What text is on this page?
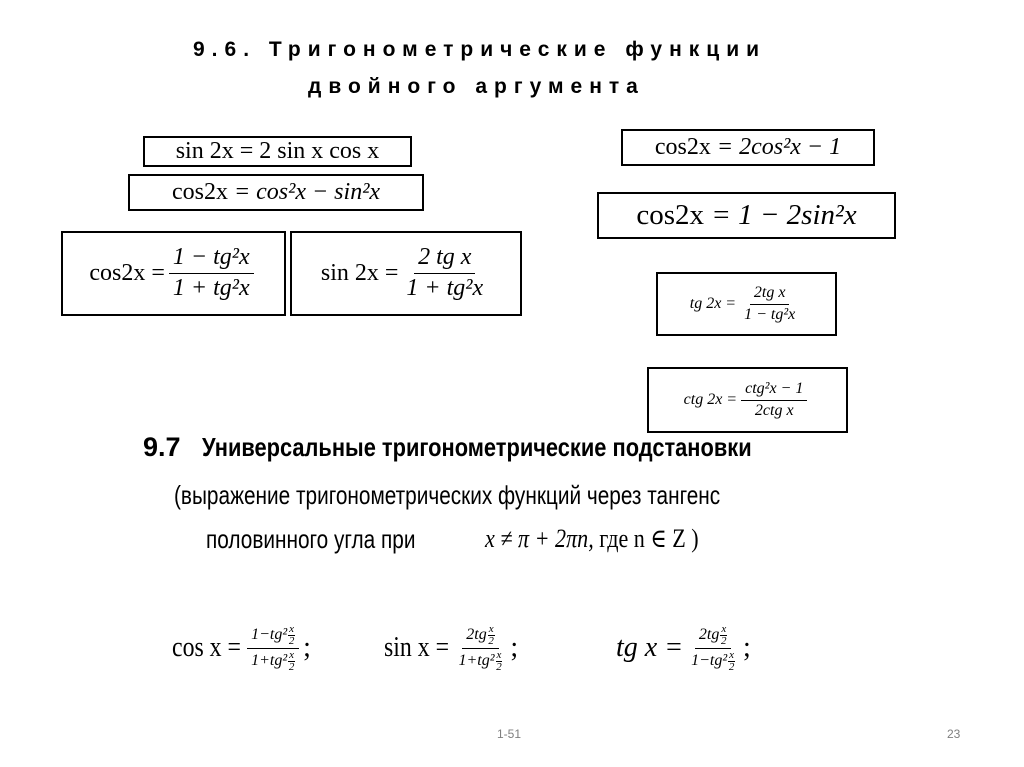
9.6. Тригонометрические функции
двойного аргумента
sin 2x
= 2 sin x cos x
cos2x
= cos²x − sin²x
$\cos 2x = \frac{\text{1 − tg²x}}{\text{1 + tg²x}}$	$\sin 2x = \frac{\text{2 tg x}}{\text{1 + tg²x}}$
cos2x
= 2cos²x − 1
cos2x
= 1 − 2sin²x
tg $2x = \frac{\text{2tg x}}{\text{1 − tg²x}}$
ctg $2x = \frac{\text{ctg²x − 1}}{\text{2ctg x}}$
9.7 Универсальные тригонометрические подстановки
(выражение тригонометрических функций через тангенс
половинного угла при	x ≠ π + 2πn, где n ∈ Z )
$\cos x = \frac{1-tg^2 \frac{x}{2}}{1+tg^2 \frac{x}{2}}$ ;	$\sin x = \frac{2tg \frac{x}{2}}{1+tg^2 \frac{x}{2}}$ ;	tg $x = \frac{2tg \frac{x}{2}}{1-tg^2 \frac{x}{2}}$ ;
1-51	23
